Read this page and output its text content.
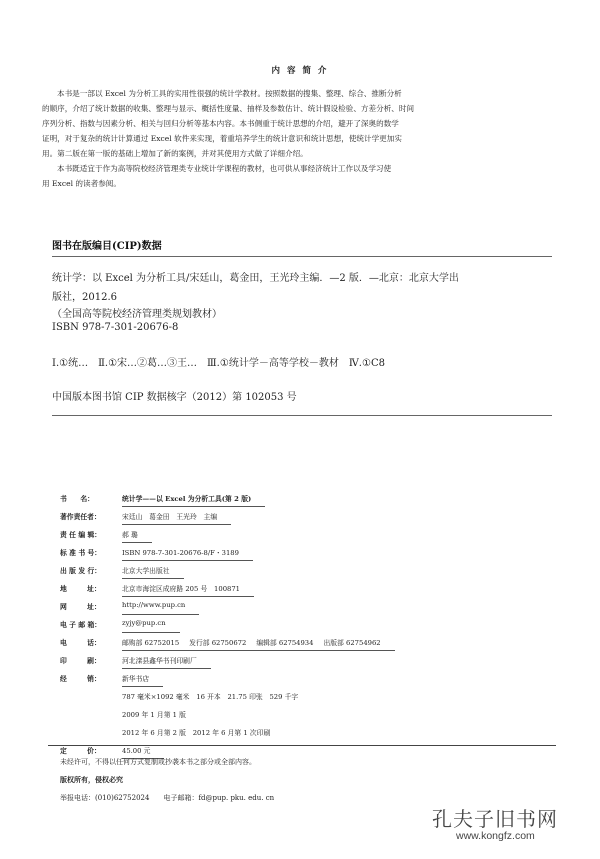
内 容 简 介
本书是一部以 Excel 为分析工具的实用性很强的统计学教材。按照数据的搜集、整理、综合、推断分析
的顺序，介绍了统计数据的收集、整理与显示、概括性度量、抽样及参数估计、统计假设检验、方差分析、时间
序列分析、指数与因素分析、相关与回归分析等基本内容。本书侧重于统计思想的介绍，避开了深奥的数学
证明，对于复杂的统计计算通过 Excel 软件来实现，着重培养学生的统计意识和统计思想，使统计学更加实
用。第二版在第一版的基础上增加了新的案例，并对其使用方式做了详细介绍。
本书既适宜于作为高等院校经济管理类专业统计学课程的教材，也可供从事经济统计工作以及学习使
用 Excel 的读者参阅。
图书在版编目(CIP)数据
统计学：以 Excel 为分析工具/宋廷山，葛金田，王光玲主编．—2 版．—北京：北京大学出
版社，2012.6
（全国高等院校经济管理类规划教材）
ISBN 978-7-301-20676-8
Ⅰ.①统…　Ⅱ.①宋…②葛…③王…　Ⅲ.①统计学－高等学校－教材　Ⅳ.①C8
中国版本图书馆 CIP 数据核字（2012）第 102053 号
书　　名：	统计学——以 Excel 为分析工具(第 2 版)
著作责任者：	宋廷山　葛金田　王光玲　主编
责 任 编 辑：	郝 璐
标 准 书 号：	ISBN 978-7-301-20676-8/F・3189
出 版 发 行：	北京大学出版社
地　　　址：	北京市海淀区成府路 205 号　100871
网　　　址：	http://www.pup.cn
电 子 邮 箱：	zyjy@pup.cn
电　　　话：	邮购部 62752015 发行部 62750672 编辑部 62754934 出版部 62754962
印　　　刷：	河北滦县鑫华书刊印刷厂
经　　　销：	新华书店
787 毫米×1092 毫米　16 开本　21.75 印张　529 千字
2009 年 1 月第 1 版
2012 年 6 月第 2 版　2012 年 6 月第 1 次印刷
定　　　价：	45.00 元
未经许可，不得以任何方式复制或抄袭本书之部分或全部内容。
版权所有，侵权必究
举报电话：(010)62752024　　电子邮箱：fd@pup. pku. edu. cn
孔夫子旧书网
www.kongfz.com
